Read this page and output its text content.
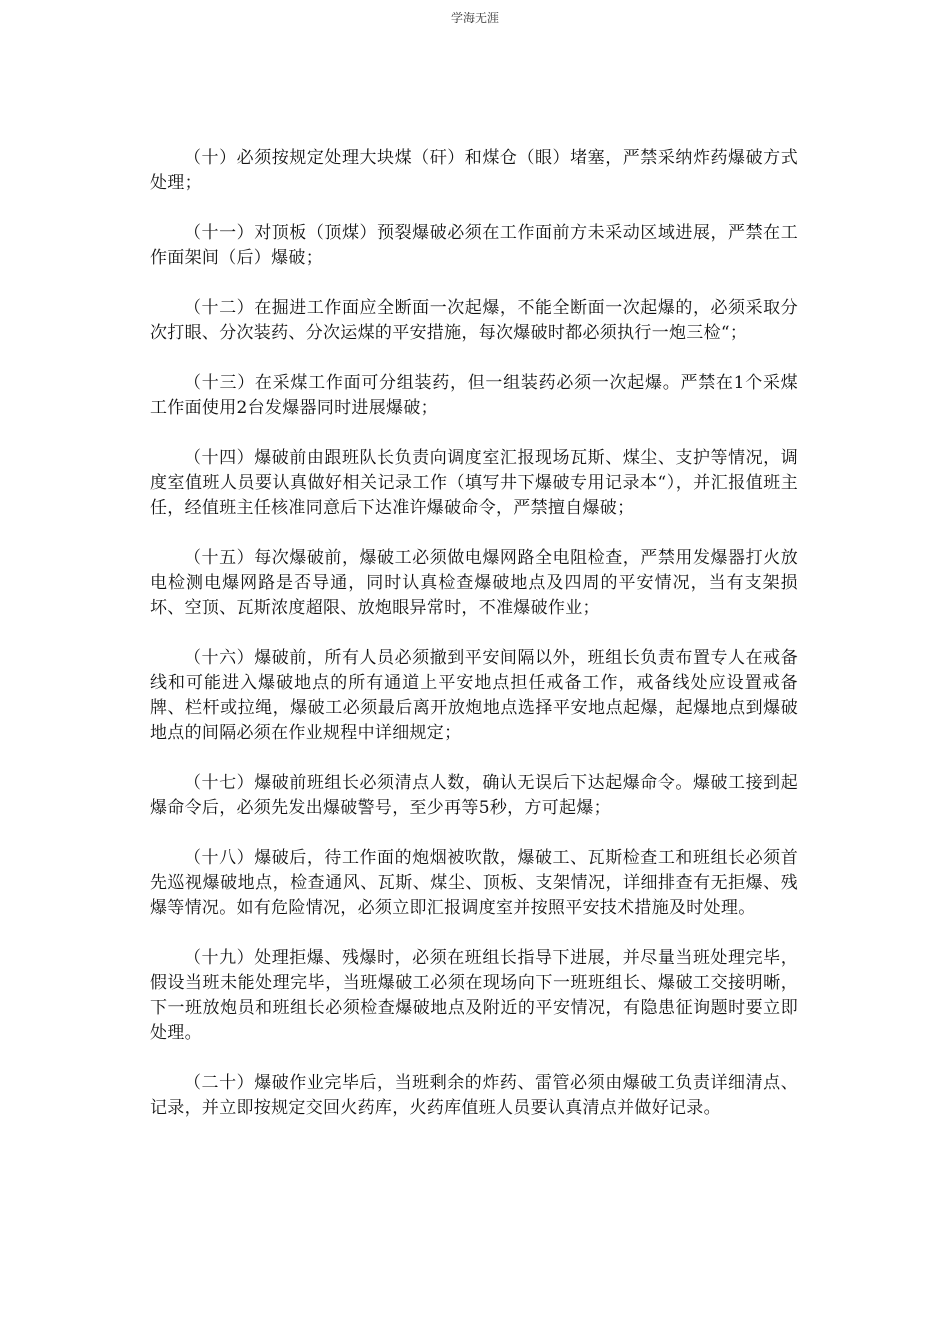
学海无涯

（十）必须按规定处理大块煤（矸）和煤仓（眼）堵塞，严禁采纳炸药爆破方式处理；

（十一）对顶板（顶煤）预裂爆破必须在工作面前方未采动区域进展，严禁在工作面架间（后）爆破；

（十二）在掘进工作面应全断面一次起爆，不能全断面一次起爆的，必须采取分次打眼、分次装药、分次运煤的平安措施，每次爆破时都必须执行一炮三检“；

（十三）在采煤工作面可分组装药，但一组装药必须一次起爆。严禁在1个采煤工作面使用2台发爆器同时进展爆破；

（十四）爆破前由跟班队长负责向调度室汇报现场瓦斯、煤尘、支护等情况，调度室值班人员要认真做好相关记录工作（填写井下爆破专用记录本“），并汇报值班主任，经值班主任核准同意后下达准许爆破命令，严禁擅自爆破；

（十五）每次爆破前，爆破工必须做电爆网路全电阻检查，严禁用发爆器打火放电检测电爆网路是否导通，同时认真检查爆破地点及四周的平安情况，当有支架损坏、空顶、瓦斯浓度超限、放炮眼异常时，不准爆破作业；

（十六）爆破前，所有人员必须撤到平安间隔以外，班组长负责布置专人在戒备线和可能进入爆破地点的所有通道上平安地点担任戒备工作，戒备线处应设置戒备牌、栏杆或拉绳，爆破工必须最后离开放炮地点选择平安地点起爆，起爆地点到爆破地点的间隔必须在作业规程中详细规定；

（十七）爆破前班组长必须清点人数，确认无误后下达起爆命令。爆破工接到起爆命令后，必须先发出爆破警号，至少再等5秒，方可起爆；

（十八）爆破后，待工作面的炮烟被吹散，爆破工、瓦斯检查工和班组长必须首先巡视爆破地点，检查通风、瓦斯、煤尘、顶板、支架情况，详细排查有无拒爆、残爆等情况。如有危险情况，必须立即汇报调度室并按照平安技术措施及时处理。

（十九）处理拒爆、残爆时，必须在班组长指导下进展，并尽量当班处理完毕，假设当班未能处理完毕，当班爆破工必须在现场向下一班班组长、爆破工交接明晰，下一班放炮员和班组长必须检查爆破地点及附近的平安情况，有隐患征询题时要立即处理。

（二十）爆破作业完毕后，当班剩余的炸药、雷管必须由爆破工负责详细清点、记录，并立即按规定交回火药库，火药库值班人员要认真清点并做好记录。
